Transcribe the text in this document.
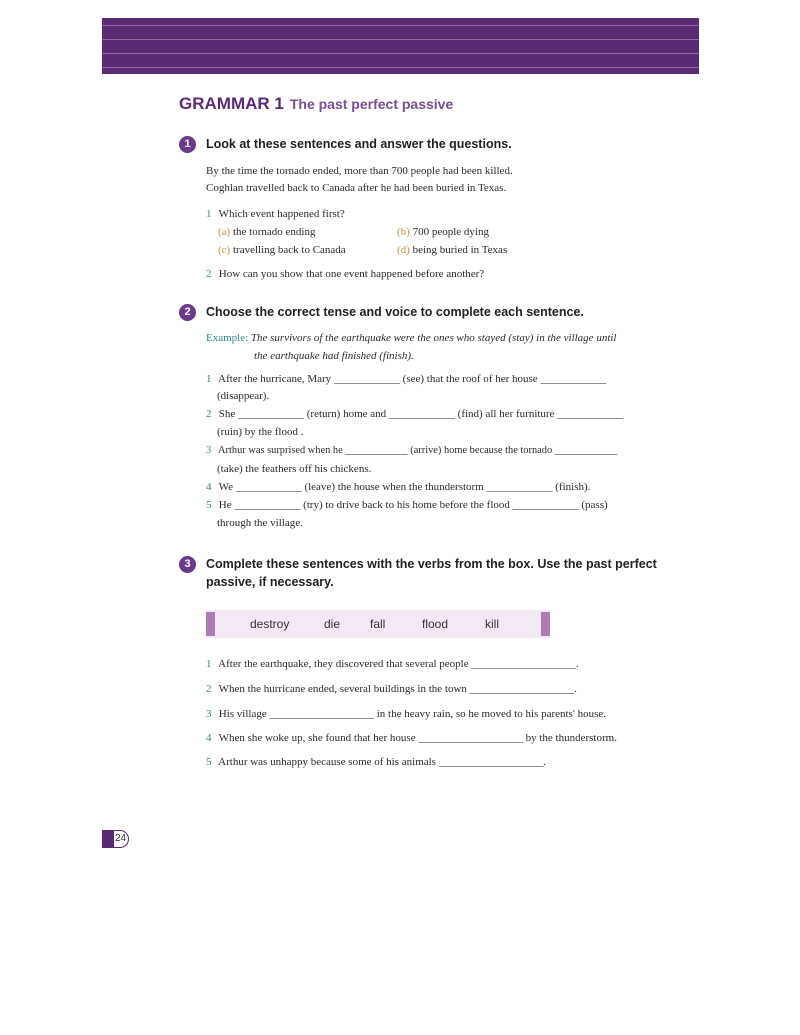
GRAMMAR 1 The past perfect passive
1	Look at these sentences and answer the questions.
By the time the tornado ended, more than 700 people had been killed.
Coghlan travelled back to Canada after he had been buried in Texas.
1 Which event happened first?
(a) the tornado ending	(b) 700 people dying
(c) travelling back to Canada	(d) being buried in Texas
2 How can you show that one event happened before another?
2	Choose the correct tense and voice to complete each sentence.
Example: The survivors of the earthquake were the ones who stayed (stay) in the village until
the earthquake had finished (finish).
1 After the hurricane, Mary ____________ (see) that the roof of her house ____________
(disappear).
2 She ____________ (return) home and ____________ (find) all her furniture ____________
(ruin) by the flood .
3 Arthur was surprised when he ____________ (arrive) home because the tornado ____________
(take) the feathers off his chickens.
4 We ____________ (leave) the house when the thunderstorm ____________ (finish).
5 He ____________ (try) to drive back to his home before the flood ____________ (pass)
through the village.
3	Complete these sentences with the verbs from the box. Use the past perfect
passive, if necessary.
destroy	die fall	flood	kill
1 After the earthquake, they discovered that several people ___________________.
2 When the hurricane ended, several buildings in the town ___________________.
3 His village ___________________ in the heavy rain, so he moved to his parents' house.
4 When she woke up, she found that her house ___________________ by the thunderstorm.
5 Arthur was unhappy because some of his animals ___________________.
24
